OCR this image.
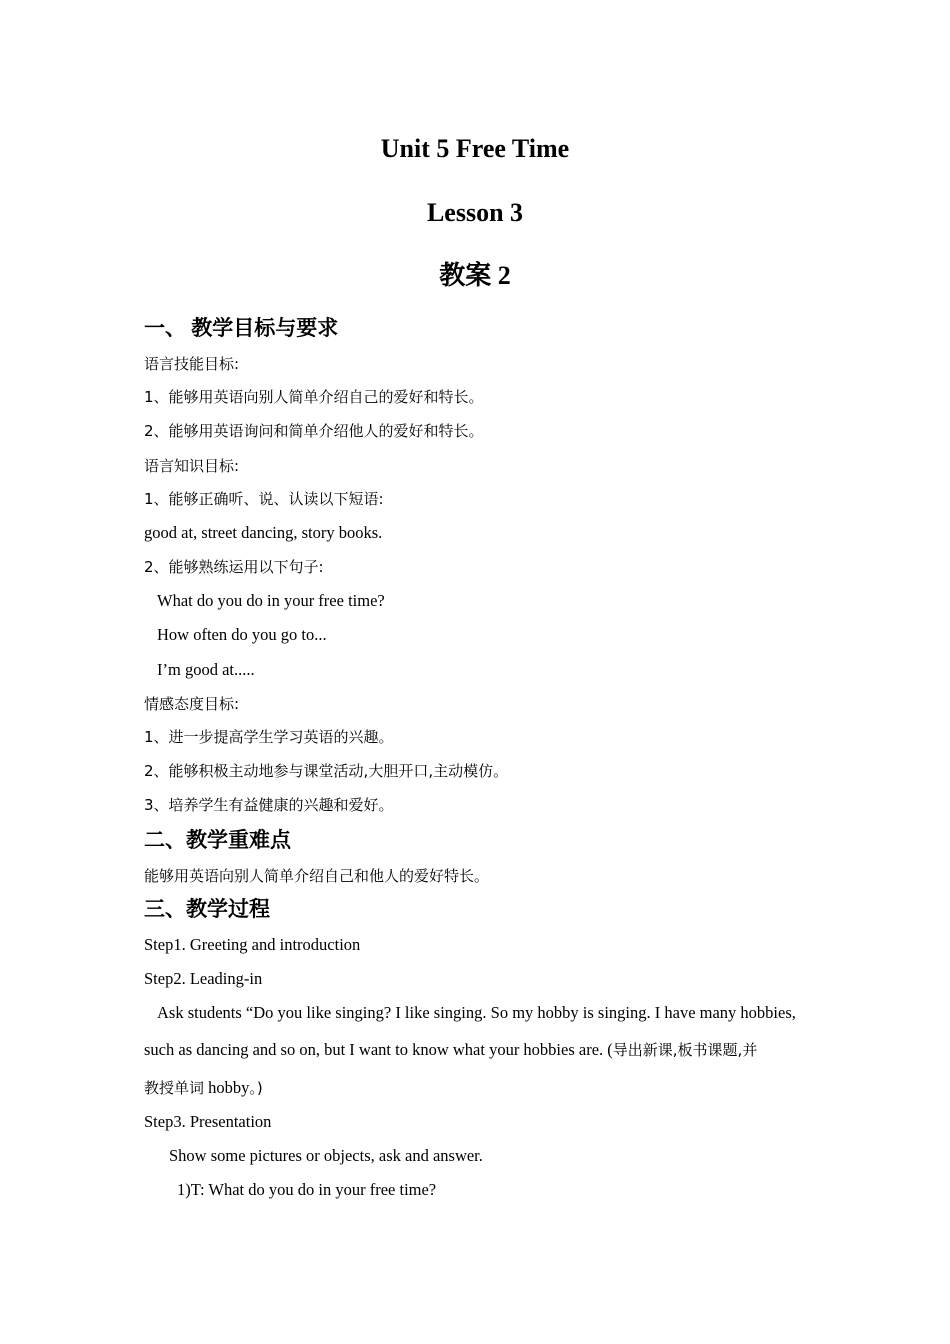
Unit 5 Free Time
Lesson 3
教案 2
一、 教学目标与要求

语言技能目标:

1、能够用英语向别人简单介绍自己的爱好和特长。

2、能够用英语询问和简单介绍他人的爱好和特长。

语言知识目标:

1、能够正确听、说、认读以下短语:

good at, street dancing, story books.

2、能够熟练运用以下句子:

What do you do in your free time?

How often do you go to...

I’m good at.....

情感态度目标:

1、进一步提高学生学习英语的兴趣。

2、能够积极主动地参与课堂活动,大胆开口,主动模仿。

3、培养学生有益健康的兴趣和爱好。

二、教学重难点

能够用英语向别人简单介绍自己和他人的爱好特长。

三、教学过程

Step1. Greeting and introduction

Step2. Leading-in

Ask students “Do you like singing? I like singing. So my hobby is singing. I have many hobbies,

such as dancing and so on, but I want to know what your hobbies are. (导出新课,板书课题,并

教授单词 hobby。)

Step3. Presentation

Show some pictures or objects, ask and answer.

1)T: What do you do in your free time?
